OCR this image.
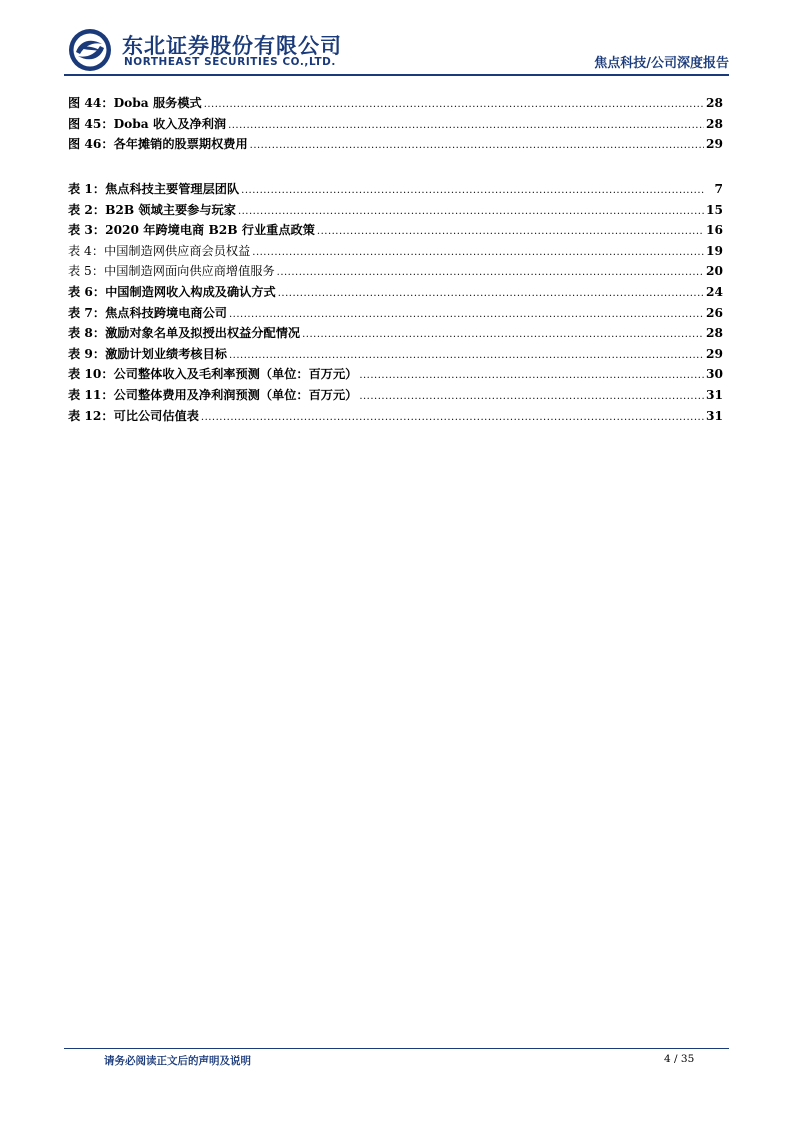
东北证券股份有限公司
NORTHEAST SECURITIES CO.,LTD.	焦点科技/公司深度报告
图 44：Doba 服务模式 .....	28
图 45：Doba 收入及净利润 .....	28
图 46：各年摊销的股票期权费用 .....	29
表 1：焦点科技主要管理层团队 .....	7
表 2：B2B 领域主要参与玩家 .....	15
表 3：2020 年跨境电商 B2B 行业重点政策 .....	16
表 4：中国制造网供应商会员权益 .....	19
表 5：中国制造网面向供应商增值服务 .....	20
表 6：中国制造网收入构成及确认方式 .....	24
表 7：焦点科技跨境电商公司 .....	26
表 8：激励对象名单及拟授出权益分配情况 .....	28
表 9：激励计划业绩考核目标 .....	29
表 10：公司整体收入及毛利率预测（单位：百万元） .....	30
表 11：公司整体费用及净利润预测（单位：百万元） .....	31
表 12：可比公司估值表 .....	31
请务必阅读正文后的声明及说明	4 / 35
